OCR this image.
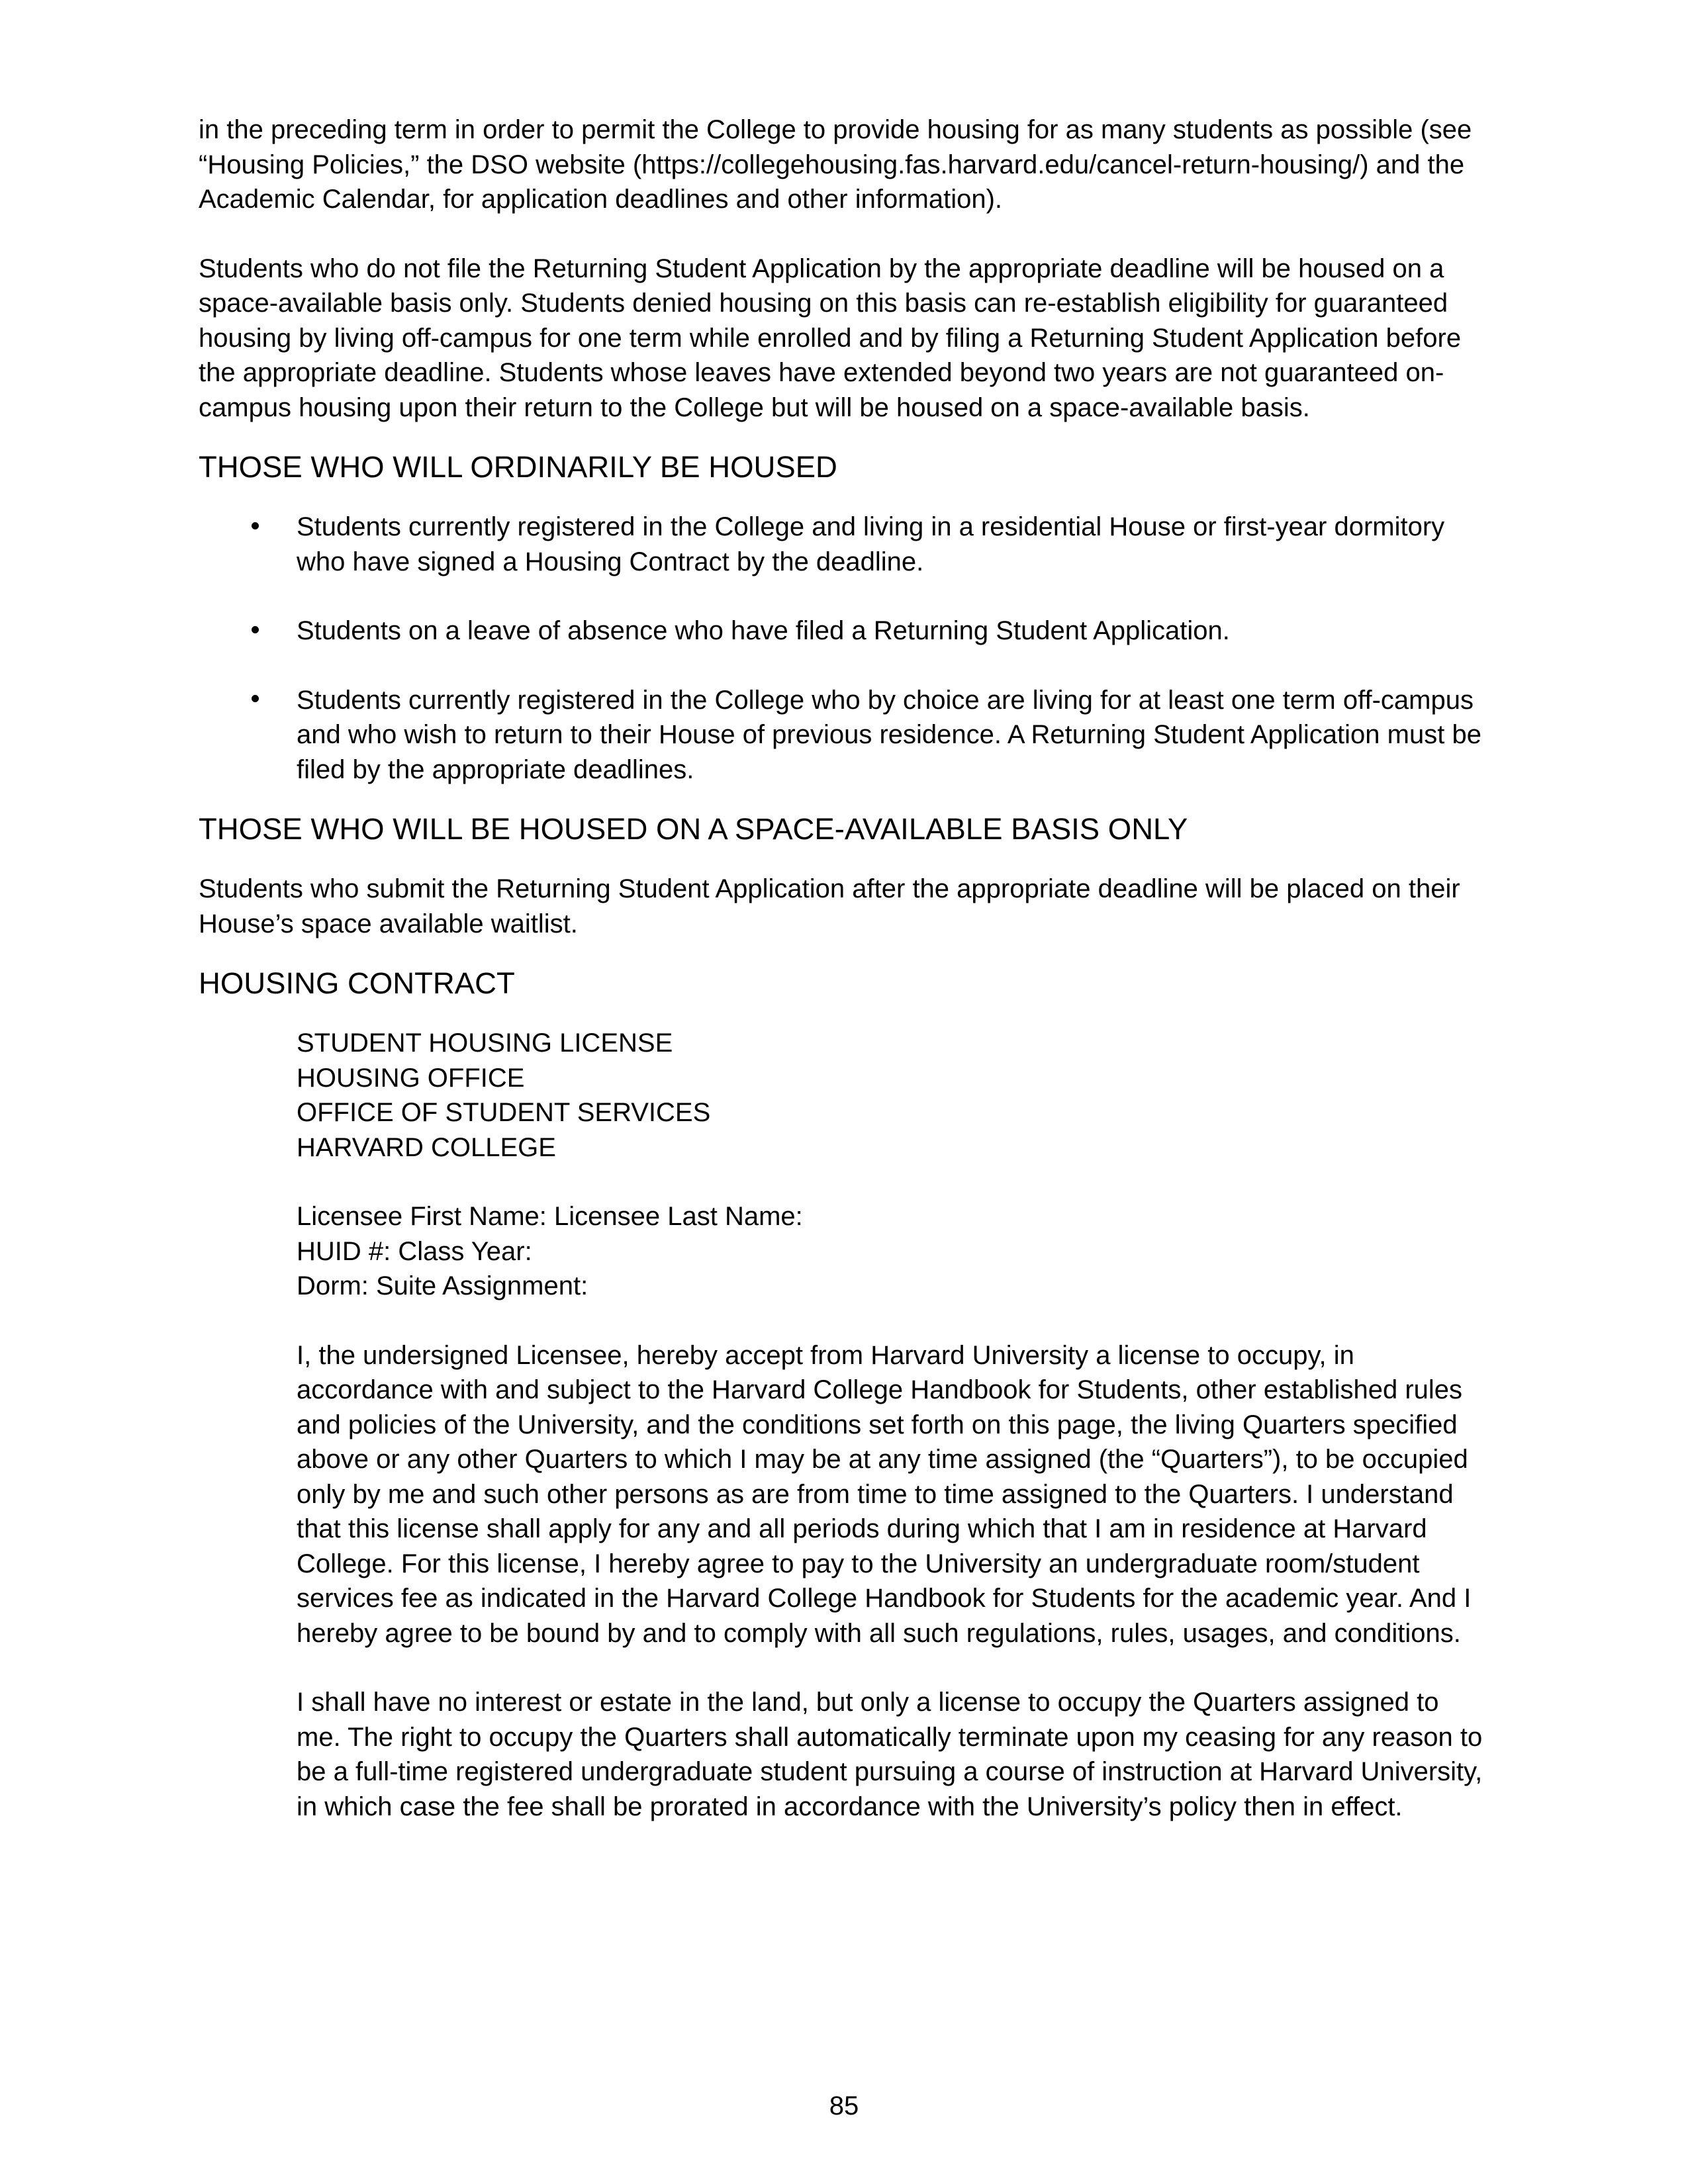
in the preceding term in order to permit the College to provide housing for as many students as possible (see “Housing Policies,” the DSO website (https://collegehousing.fas.harvard.edu/cancel-return-housing/) and the Academic Calendar, for application deadlines and other information).

Students who do not file the Returning Student Application by the appropriate deadline will be housed on a space-available basis only. Students denied housing on this basis can re-establish eligibility for guaranteed housing by living off-campus for one term while enrolled and by filing a Returning Student Application before the appropriate deadline. Students whose leaves have extended beyond two years are not guaranteed on-campus housing upon their return to the College but will be housed on a space-available basis.

THOSE WHO WILL ORDINARILY BE HOUSED
Students currently registered in the College and living in a residential House or first-year dormitory who have signed a Housing Contract by the deadline.
Students on a leave of absence who have filed a Returning Student Application.
Students currently registered in the College who by choice are living for at least one term off-campus and who wish to return to their House of previous residence. A Returning Student Application must be filed by the appropriate deadlines.
THOSE WHO WILL BE HOUSED ON A SPACE-AVAILABLE BASIS ONLY

Students who submit the Returning Student Application after the appropriate deadline will be placed on their House’s space available waitlist.

HOUSING CONTRACT

STUDENT HOUSING LICENSE

HOUSING OFFICE

OFFICE OF STUDENT SERVICES

HARVARD COLLEGE

Licensee First Name: Licensee Last Name:

HUID #: Class Year:

Dorm: Suite Assignment:

I, the undersigned Licensee, hereby accept from Harvard University a license to occupy, in accordance with and subject to the Harvard College Handbook for Students, other established rules and policies of the University, and the conditions set forth on this page, the living Quarters specified above or any other Quarters to which I may be at any time assigned (the “Quarters”), to be occupied only by me and such other persons as are from time to time assigned to the Quarters. I understand that this license shall apply for any and all periods during which that I am in residence at Harvard College. For this license, I hereby agree to pay to the University an undergraduate room/student services fee as indicated in the Harvard College Handbook for Students for the academic year. And I hereby agree to be bound by and to comply with all such regulations, rules, usages, and conditions.

I shall have no interest or estate in the land, but only a license to occupy the Quarters assigned to me. The right to occupy the Quarters shall automatically terminate upon my ceasing for any reason to be a full-time registered undergraduate student pursuing a course of instruction at Harvard University, in which case the fee shall be prorated in accordance with the University’s policy then in effect.

85
